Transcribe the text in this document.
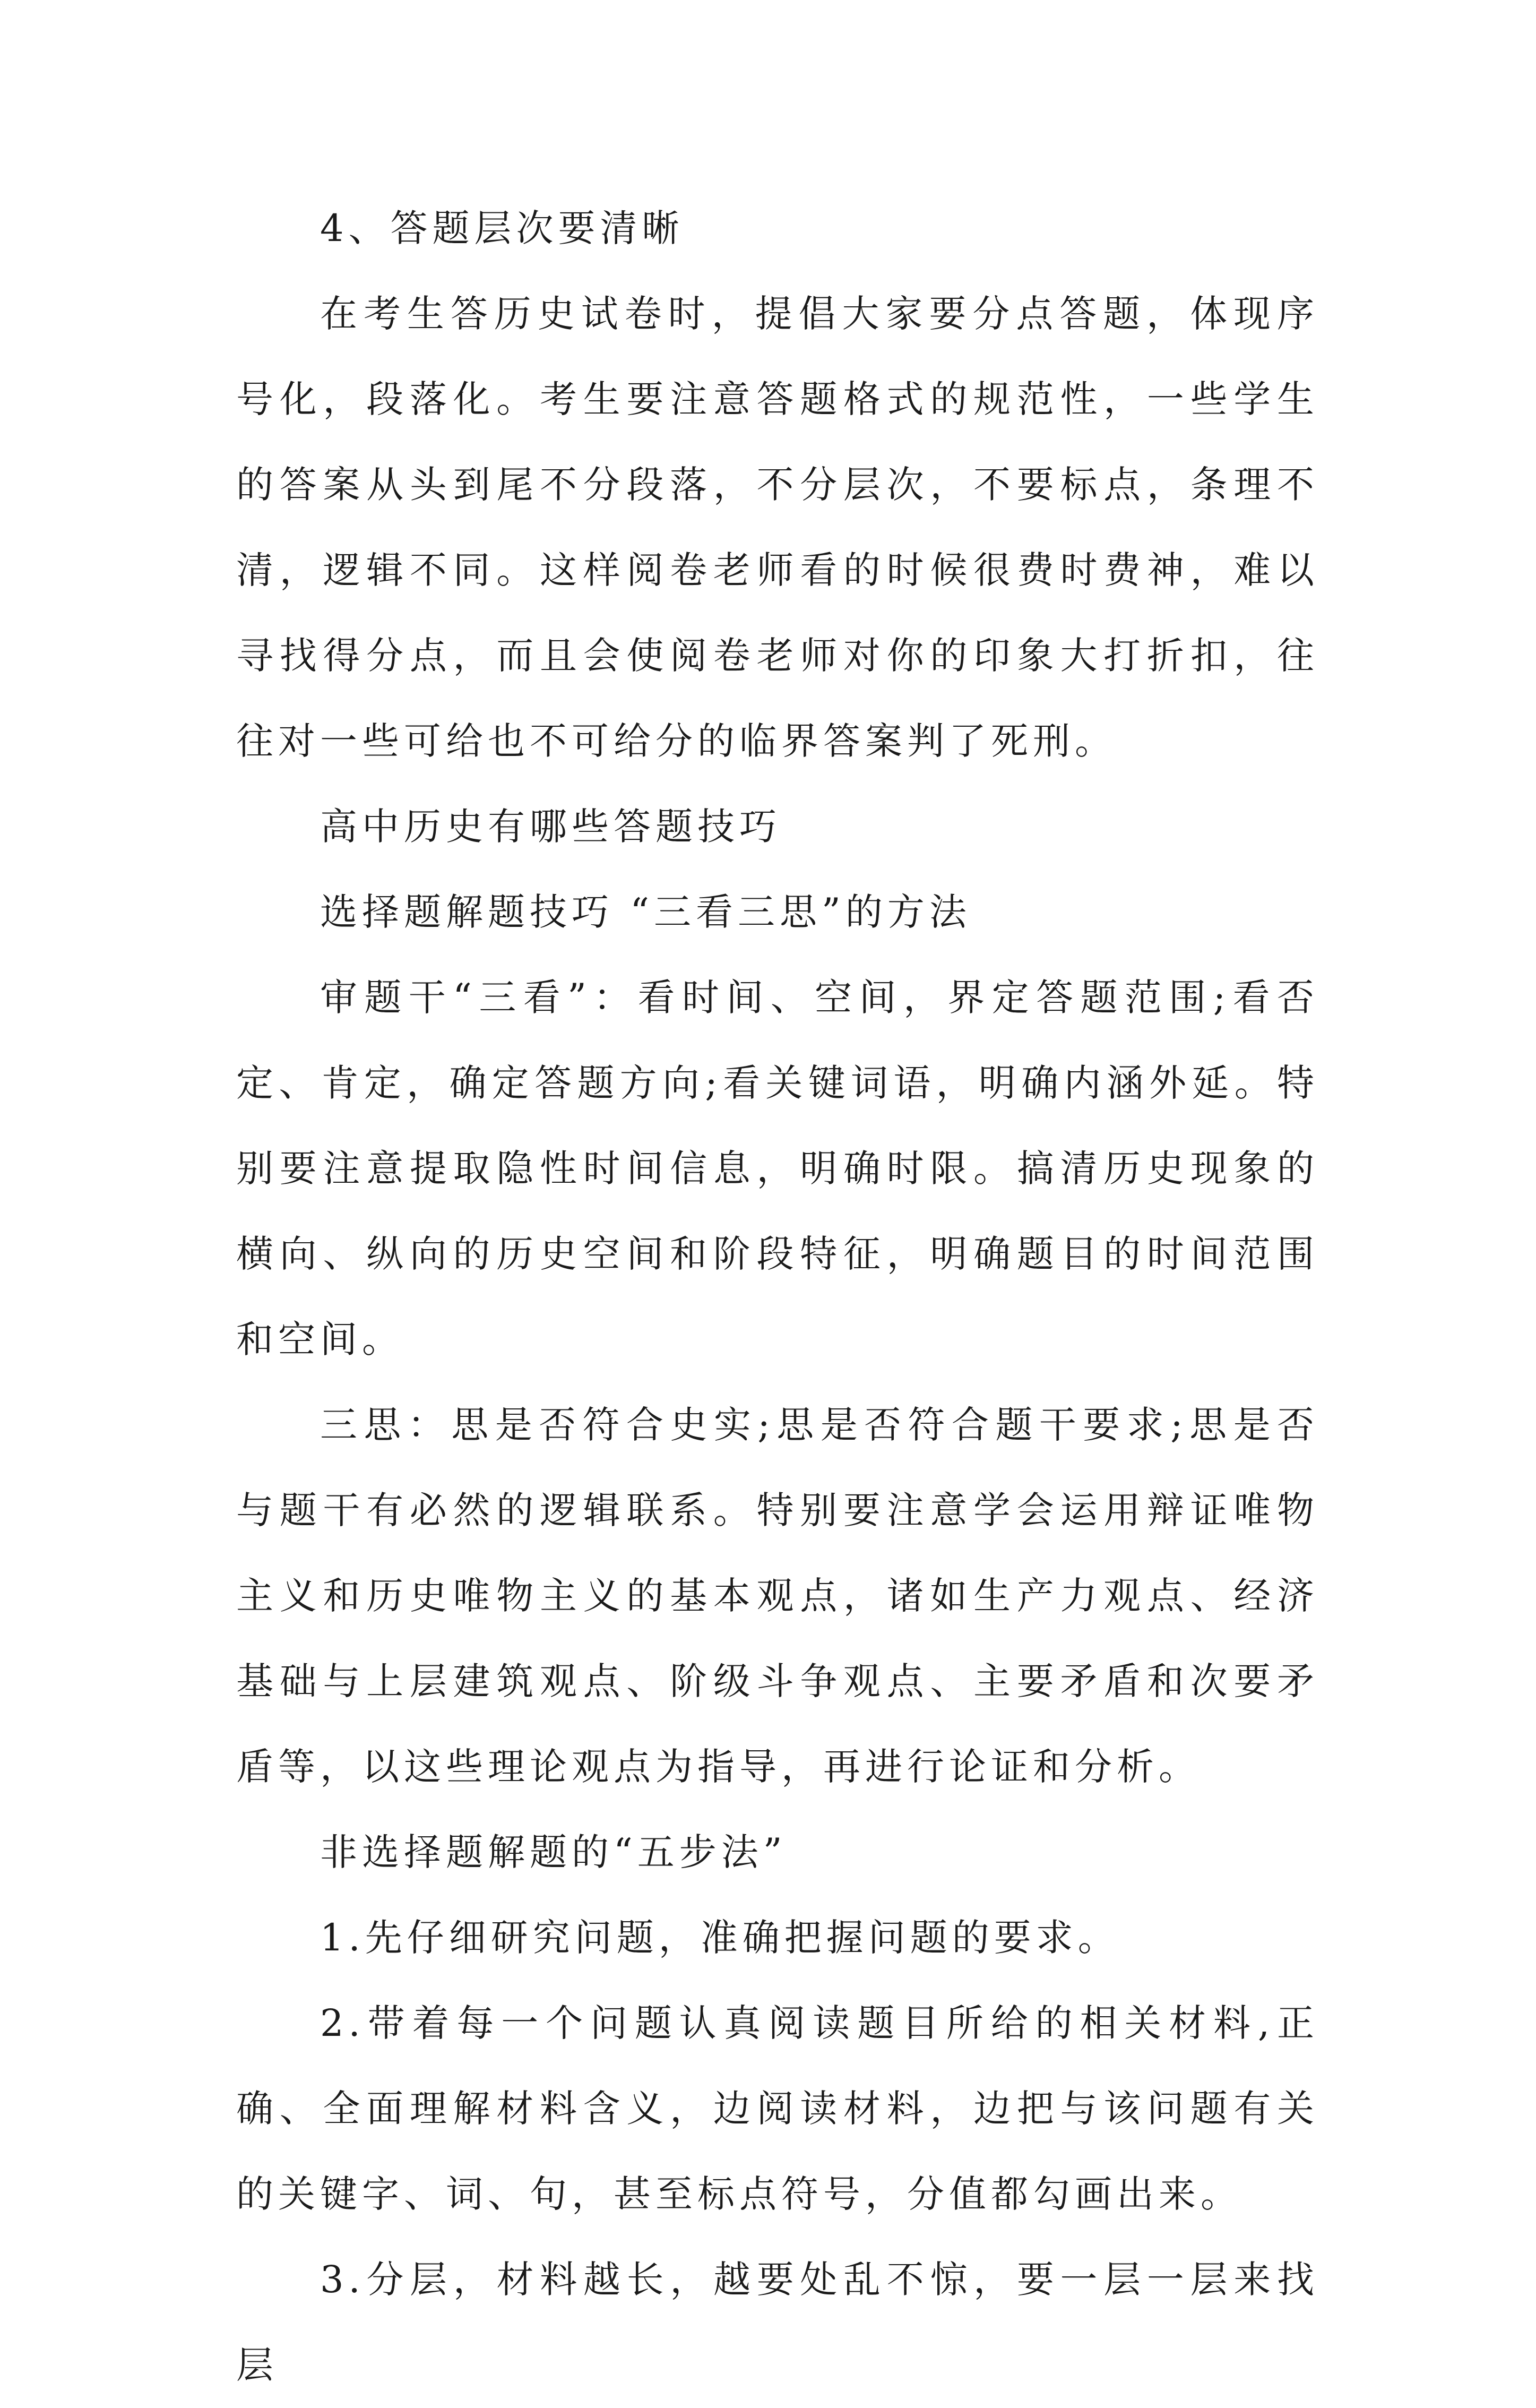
4、答题层次要清晰

在考生答历史试卷时，提倡大家要分点答题，体现序号化，段落化。考生要注意答题格式的规范性，一些学生的答案从头到尾不分段落，不分层次，不要标点，条理不清，逻辑不同。这样阅卷老师看的时候很费时费神，难以寻找得分点，而且会使阅卷老师对你的印象大打折扣，往往对一些可给也不可给分的临界答案判了死刑。

高中历史有哪些答题技巧

选择题解题技巧 “三看三思”的方法

审题干“三看”：看时间、空间，界定答题范围;看否定、肯定，确定答题方向;看关键词语，明确内涵外延。特别要注意提取隐性时间信息，明确时限。搞清历史现象的横向、纵向的历史空间和阶段特征，明确题目的时间范围和空间。

三思：思是否符合史实;思是否符合题干要求;思是否与题干有必然的逻辑联系。特别要注意学会运用辩证唯物主义和历史唯物主义的基本观点，诸如生产力观点、经济基础与上层建筑观点、阶级斗争观点、主要矛盾和次要矛盾等，以这些理论观点为指导，再进行论证和分析。

非选择题解题的“五步法”

1.先仔细研究问题，准确把握问题的要求。

2.带着每一个问题认真阅读题目所给的相关材料,正确、全面理解材料含义，边阅读材料，边把与该问题有关的关键字、词、句，甚至标点符号，分值都勾画出来。

3.分层，材料越长，越要处乱不惊，要一层一层来找层
